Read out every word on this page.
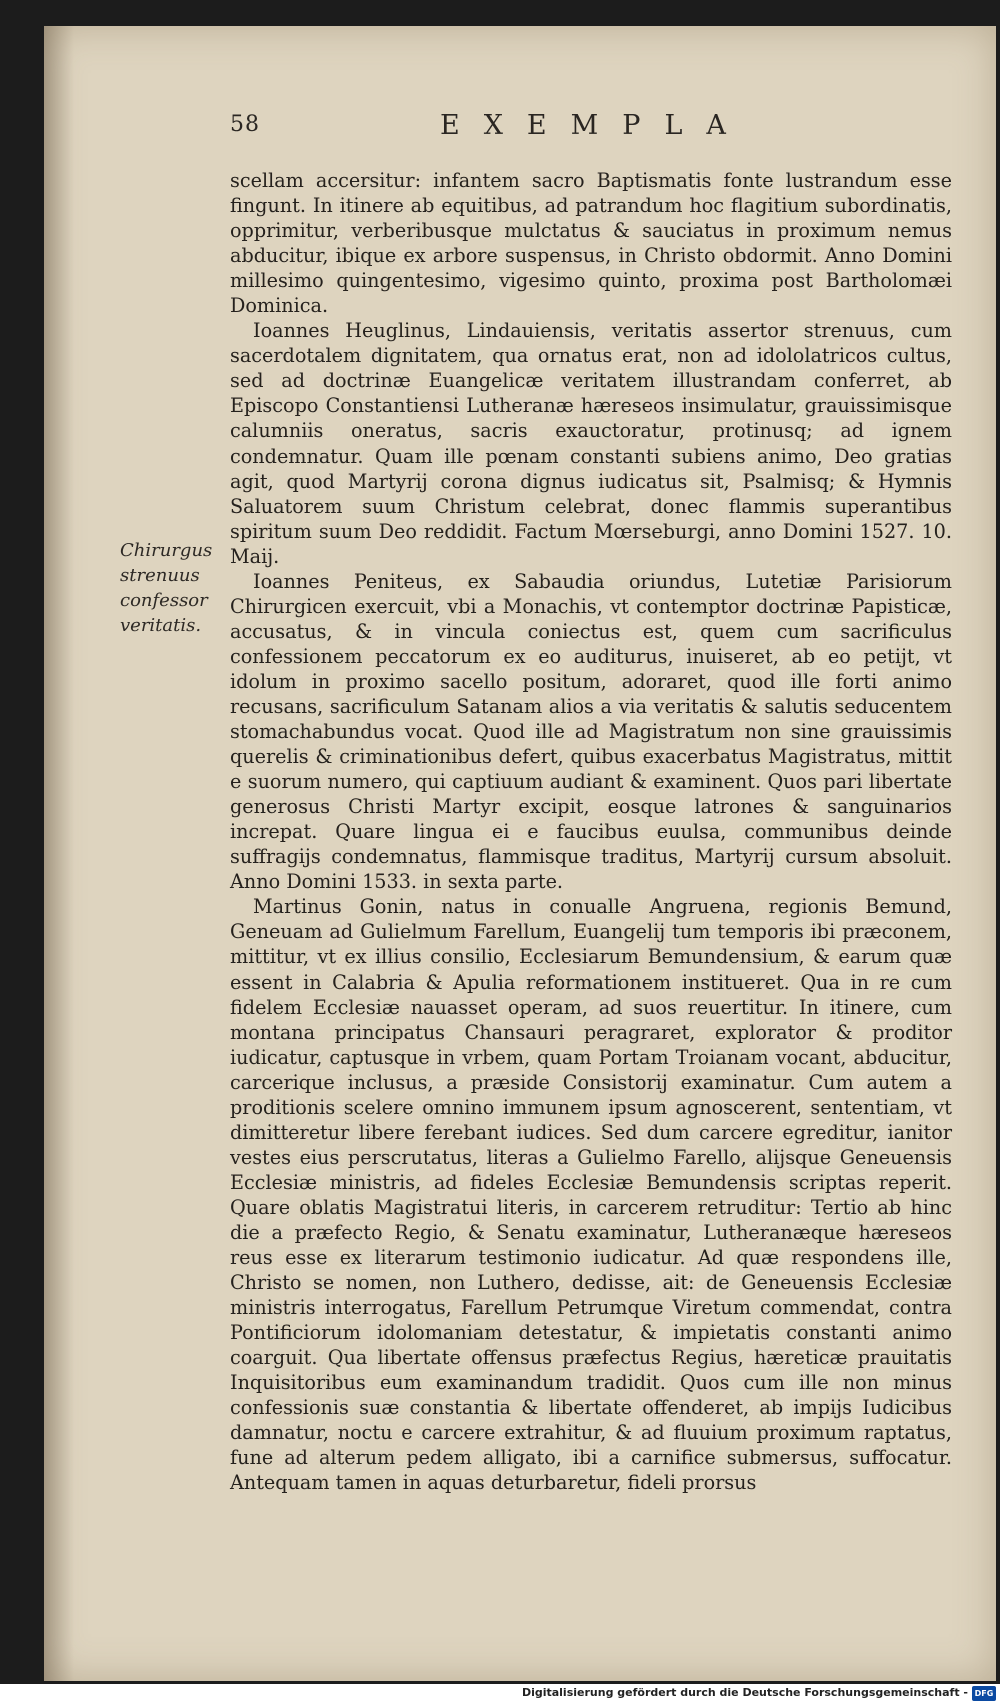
58	EXEMPLA
Chirurgus strenuus confessor veritatis.

scellam accersitur: infantem sacro Baptismatis fonte lustrandum esse fingunt. In itinere ab equitibus, ad patrandum hoc flagitium subordinatis, opprimitur, verberibusque mulctatus & sauciatus in proximum nemus abducitur, ibique ex arbore suspensus, in Christo obdormit. Anno Domini millesimo quingentesimo, vigesimo quinto, proxima post Bartholomæi Dominica.

Ioannes Heuglinus, Lindauiensis, veritatis assertor strenuus, cum sacerdotalem dignitatem, qua ornatus erat, non ad idololatricos cultus, sed ad doctrinæ Euangelicæ veritatem illustrandam conferret, ab Episcopo Constantiensi Lutheranæ hæreseos insimulatur, grauissimisque calumniis oneratus, sacris exauctoratur, protinusq; ad ignem condemnatur. Quam ille pœnam constanti subiens animo, Deo gratias agit, quod Martyrij corona dignus iudicatus sit, Psalmisq; & Hymnis Saluatorem suum Christum celebrat, donec flammis superantibus spiritum suum Deo reddidit. Factum Mœrseburgi, anno Domini 1527. 10. Maij.

Ioannes Peniteus, ex Sabaudia oriundus, Lutetiæ Parisiorum Chirurgicen exercuit, vbi a Monachis, vt contemptor doctrinæ Papisticæ, accusatus, & in vincula coniectus est, quem cum sacrificulus confessionem peccatorum ex eo auditurus, inuiseret, ab eo petijt, vt idolum in proximo sacello positum, adoraret, quod ille forti animo recusans, sacrificulum Satanam alios a via veritatis & salutis seducentem stomachabundus vocat. Quod ille ad Magistratum non sine grauissimis querelis & criminationibus defert, quibus exacerbatus Magistratus, mittit e suorum numero, qui captiuum audiant & examinent. Quos pari libertate generosus Christi Martyr excipit, eosque latrones & sanguinarios increpat. Quare lingua ei e faucibus euulsa, communibus deinde suffragijs condemnatus, flammisque traditus, Martyrij cursum absoluit. Anno Domini 1533. in sexta parte.

Martinus Gonin, natus in conualle Angruena, regionis Bemund, Geneuam ad Gulielmum Farellum, Euangelij tum temporis ibi præconem, mittitur, vt ex illius consilio, Ecclesiarum Bemundensium, & earum quæ essent in Calabria & Apulia reformationem institueret. Qua in re cum fidelem Ecclesiæ nauasset operam, ad suos reuertitur. In itinere, cum montana principatus Chansauri peragraret, explorator & proditor iudicatur, captusque in vrbem, quam Portam Troianam vocant, abducitur, carcerique inclusus, a præside Consistorij examinatur. Cum autem a proditionis scelere omnino immunem ipsum agnoscerent, sententiam, vt dimitteretur libere ferebant iudices. Sed dum carcere egreditur, ianitor vestes eius perscrutatus, literas a Gulielmo Farello, alijsque Geneuensis Ecclesiæ ministris, ad fideles Ecclesiæ Bemundensis scriptas reperit. Quare oblatis Magistratui literis, in carcerem retruditur: Tertio ab hinc die a præfecto Regio, & Senatu examinatur, Lutheranæque hæreseos reus esse ex literarum testimonio iudicatur. Ad quæ respondens ille, Christo se nomen, non Luthero, dedisse, ait: de Geneuensis Ecclesiæ ministris interrogatus, Farellum Petrumque Viretum commendat, contra Pontificiorum idolomaniam detestatur, & impietatis constanti animo coarguit. Qua libertate offensus præfectus Regius, hæreticæ prauitatis Inquisitoribus eum examinandum tradidit. Quos cum ille non minus confessionis suæ constantia & libertate offenderet, ab impijs Iudicibus damnatur, noctu e carcere extrahitur, & ad fluuium proximum raptatus, fune ad alterum pedem alligato, ibi a carnifice submersus, suffocatur. Antequam tamen in aquas deturbaretur, fideli prorsus

Digitalisierung gefördert durch die Deutsche Forschungsgemeinschaft - DFG
